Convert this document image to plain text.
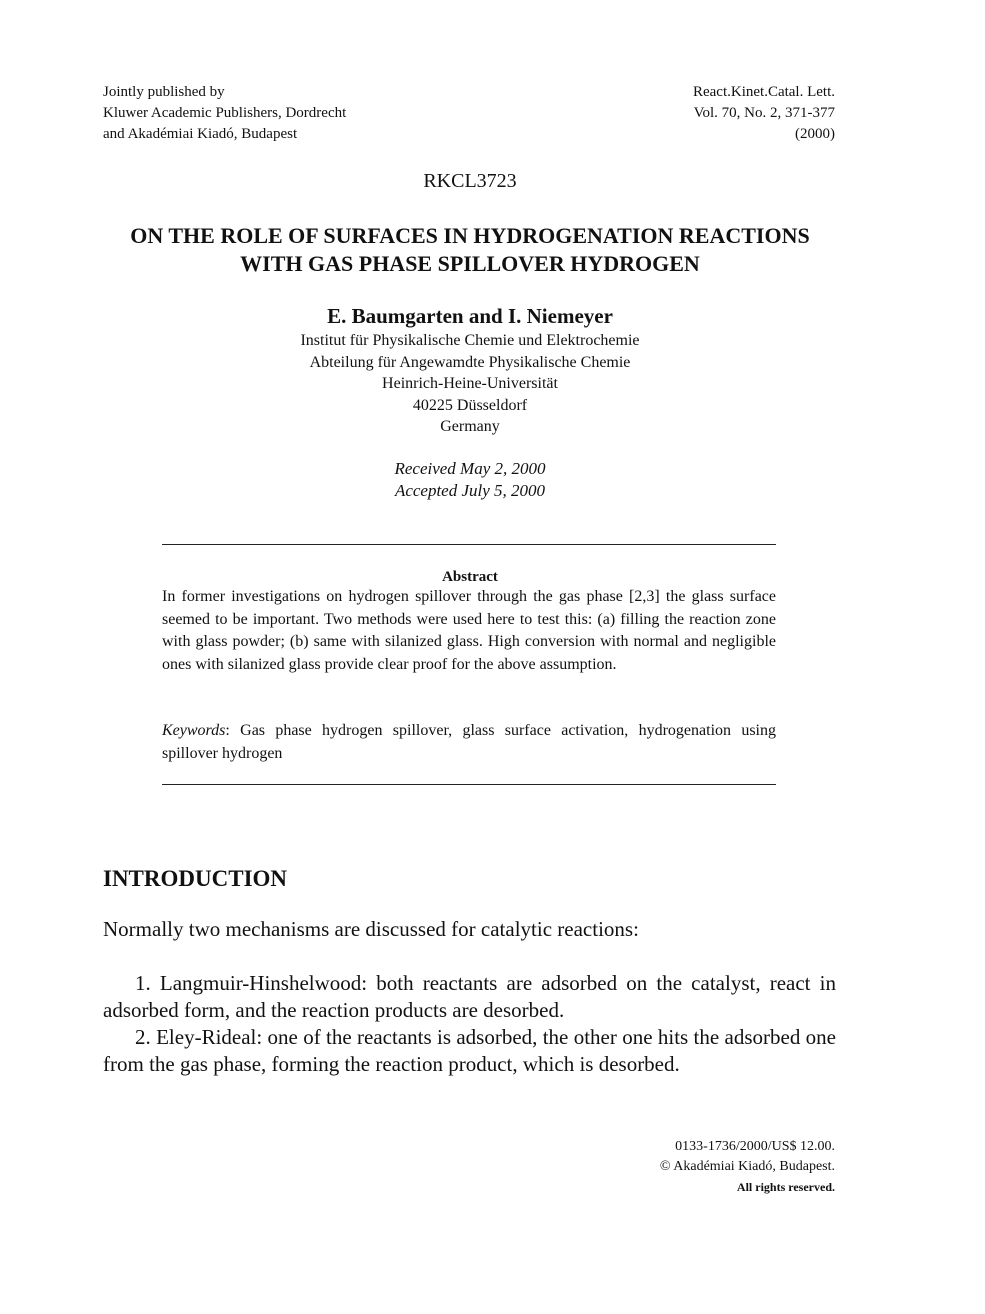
Jointly published by
Kluwer Academic Publishers, Dordrecht
and Akadémiai Kiadó, Budapest
React.Kinet.Catal. Lett.
Vol. 70, No. 2, 371-377
(2000)
RKCL3723
ON THE ROLE OF SURFACES IN HYDROGENATION REACTIONS
WITH GAS PHASE SPILLOVER HYDROGEN
E. Baumgarten and I. Niemeyer
Institut für Physikalische Chemie und Elektrochemie
Abteilung für Angewamdte Physikalische Chemie
Heinrich-Heine-Universität
40225 Düsseldorf
Germany
Received May 2, 2000
Accepted July 5, 2000
Abstract
In former investigations on hydrogen spillover through the gas phase [2,3] the glass surface seemed to be important. Two methods were used here to test this: (a) filling the reaction zone with glass powder; (b) same with silanized glass. High conversion with normal and negligible ones with silanized glass provide clear proof for the above assumption.
Keywords: Gas phase hydrogen spillover, glass surface activation, hydrogenation using spillover hydrogen
INTRODUCTION
Normally two mechanisms are discussed for catalytic reactions:

1. Langmuir-Hinshelwood: both reactants are adsorbed on the catalyst, react in adsorbed form, and the reaction products are desorbed.

2. Eley-Rideal: one of the reactants is adsorbed, the other one hits the adsorbed one from the gas phase, forming the reaction product, which is desorbed.

0133-1736/2000/US$ 12.00.
© Akadémiai Kiadó, Budapest.
All rights reserved.
